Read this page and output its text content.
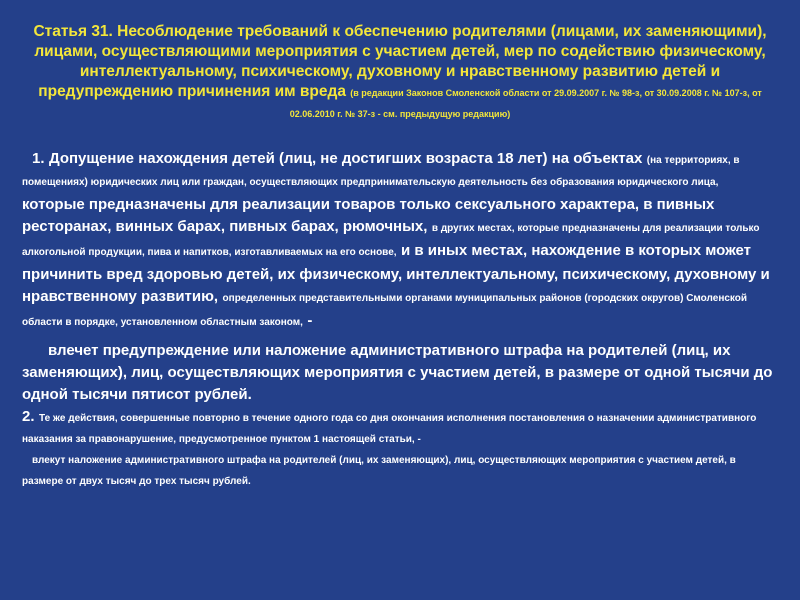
Статья 31. Несоблюдение требований к обеспечению родителями (лицами, их заменяющими), лицами, осуществляющими мероприятия с участием детей, мер по содействию физическому, интеллектуальному, психическому, духовному и нравственному развитию детей и предупреждению причинения им вреда (в редакции Законов Смоленской области от 29.09.2007 г. № 98-з, от 30.09.2008 г. № 107-з, от 02.06.2010 г. № 37-з - см. предыдущую редакцию)

1. Допущение нахождения детей (лиц, не достигших возраста 18 лет) на объектах (на территориях, в помещениях) юридических лиц или граждан, осуществляющих предпринимательскую деятельность без образования юридического лица, которые предназначены для реализации товаров только сексуального характера, в пивных ресторанах, винных барах, пивных барах, рюмочных, в других местах, которые предназначены для реализации только алкогольной продукции, пива и напитков, изготавливаемых на его основе, и в иных местах, нахождение в которых может причинить вред здоровью детей, их физическому, интеллектуальному, психическому, духовному и нравственному развитию, определенных представительными органами муниципальных районов (городских округов) Смоленской области в порядке, установленном областным законом, -

влечет предупреждение или наложение административного штрафа на родителей (лиц, их заменяющих), лиц, осуществляющих мероприятия с участием детей, в размере от одной тысячи до одной тысячи пятисот рублей.

2. Те же действия, совершенные повторно в течение одного года со дня окончания исполнения постановления о назначении административного наказания за правонарушение, предусмотренное пунктом 1 настоящей статьи, -

влекут наложение административного штрафа на родителей (лиц, их заменяющих), лиц, осуществляющих мероприятия с участием детей, в размере от двух тысяч до трех тысяч рублей.
